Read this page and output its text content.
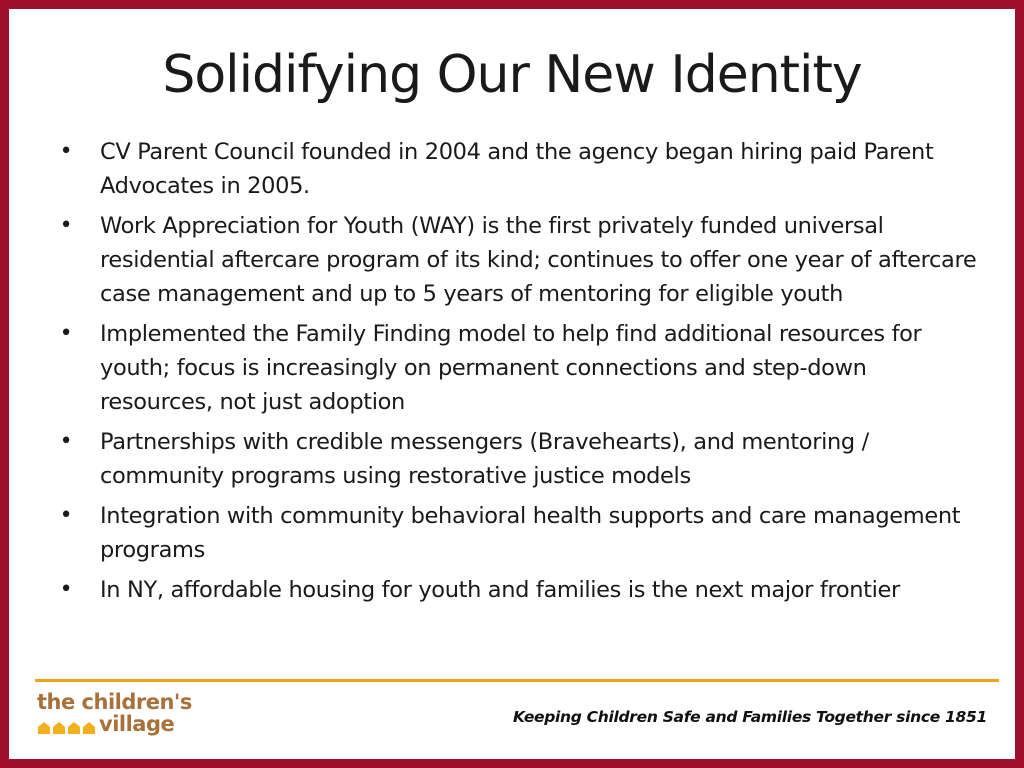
Solidifying Our New Identity
• CV Parent Council founded in 2004 and the agency began hiring paid Parent Advocates in 2005.
• Work Appreciation for Youth (WAY) is the first privately funded universal residential aftercare program of its kind; continues to offer one year of aftercare case management and up to 5 years of mentoring for eligible youth
• Implemented the Family Finding model to help find additional resources for youth; focus is increasingly on permanent connections and step-down resources, not just adoption
• Partnerships with credible messengers (Bravehearts), and mentoring / community programs using restorative justice models
• Integration with community behavioral health supports and care management programs
• In NY, affordable housing for youth and families is the next major frontier
the children's
village	Keeping Children Safe and Families Together since 1851
